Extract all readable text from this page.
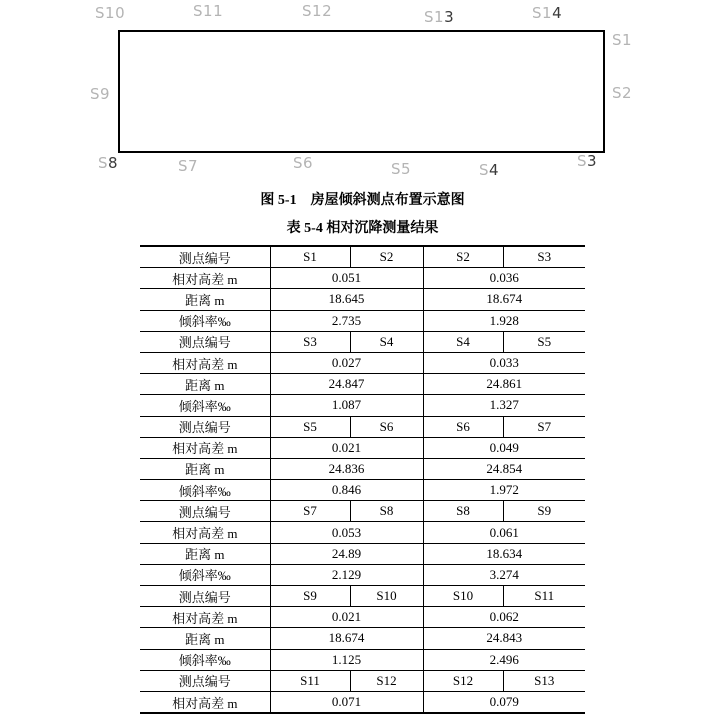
S10	S11	S12	S13	S14
S1
S2
S9
S8	S7	S6	S5	S4	S3
图 5-1　房屋倾斜测点布置示意图
表 5-4 相对沉降测量结果
测点编号	S1	S2	S2	S3
相对高差 m	0.051		0.036	
距离 m	18.645		18.674	
倾斜率‰	2.735		1.928	
测点编号	S3	S4	S4	S5
相对高差 m	0.027		0.033	
距离 m	24.847		24.861	
倾斜率‰	1.087		1.327	
测点编号	S5	S6	S6	S7
相对高差 m	0.021		0.049	
距离 m	24.836		24.854	
倾斜率‰	0.846		1.972	
测点编号	S7	S8	S8	S9
相对高差 m	0.053		0.061	
距离 m	24.89		18.634	
倾斜率‰	2.129		3.274	
测点编号	S9	S10	S10	S11
相对高差 m	0.021		0.062	
距离 m	18.674		24.843	
倾斜率‰	1.125		2.496	
测点编号	S11	S12	S12	S13
相对高差 m	0.071		0.079	
